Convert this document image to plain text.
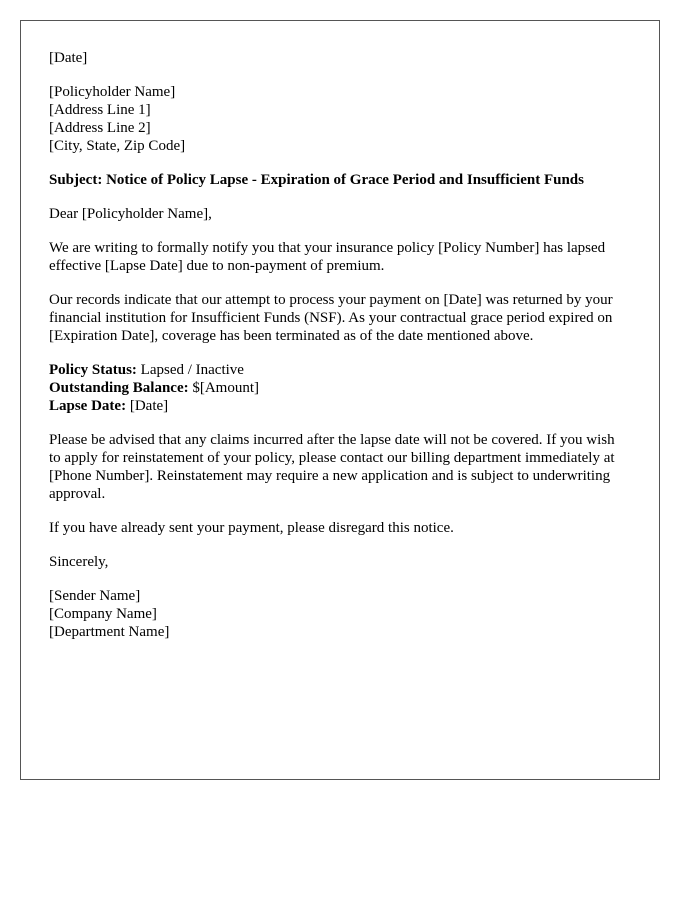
[Date]

[Policyholder Name]
[Address Line 1]
[Address Line 2]
[City, State, Zip Code]

Subject: Notice of Policy Lapse - Expiration of Grace Period and Insufficient Funds

Dear [Policyholder Name],

We are writing to formally notify you that your insurance policy [Policy Number] has lapsed effective [Lapse Date] due to non-payment of premium.

Our records indicate that our attempt to process your payment on [Date] was returned by your financial institution for Insufficient Funds (NSF). As your contractual grace period expired on [Expiration Date], coverage has been terminated as of the date mentioned above.

Policy Status: Lapsed / Inactive
Outstanding Balance: $[Amount]
Lapse Date: [Date]

Please be advised that any claims incurred after the lapse date will not be covered. If you wish to apply for reinstatement of your policy, please contact our billing department immediately at [Phone Number]. Reinstatement may require a new application and is subject to underwriting approval.

If you have already sent your payment, please disregard this notice.

Sincerely,

[Sender Name]
[Company Name]
[Department Name]
